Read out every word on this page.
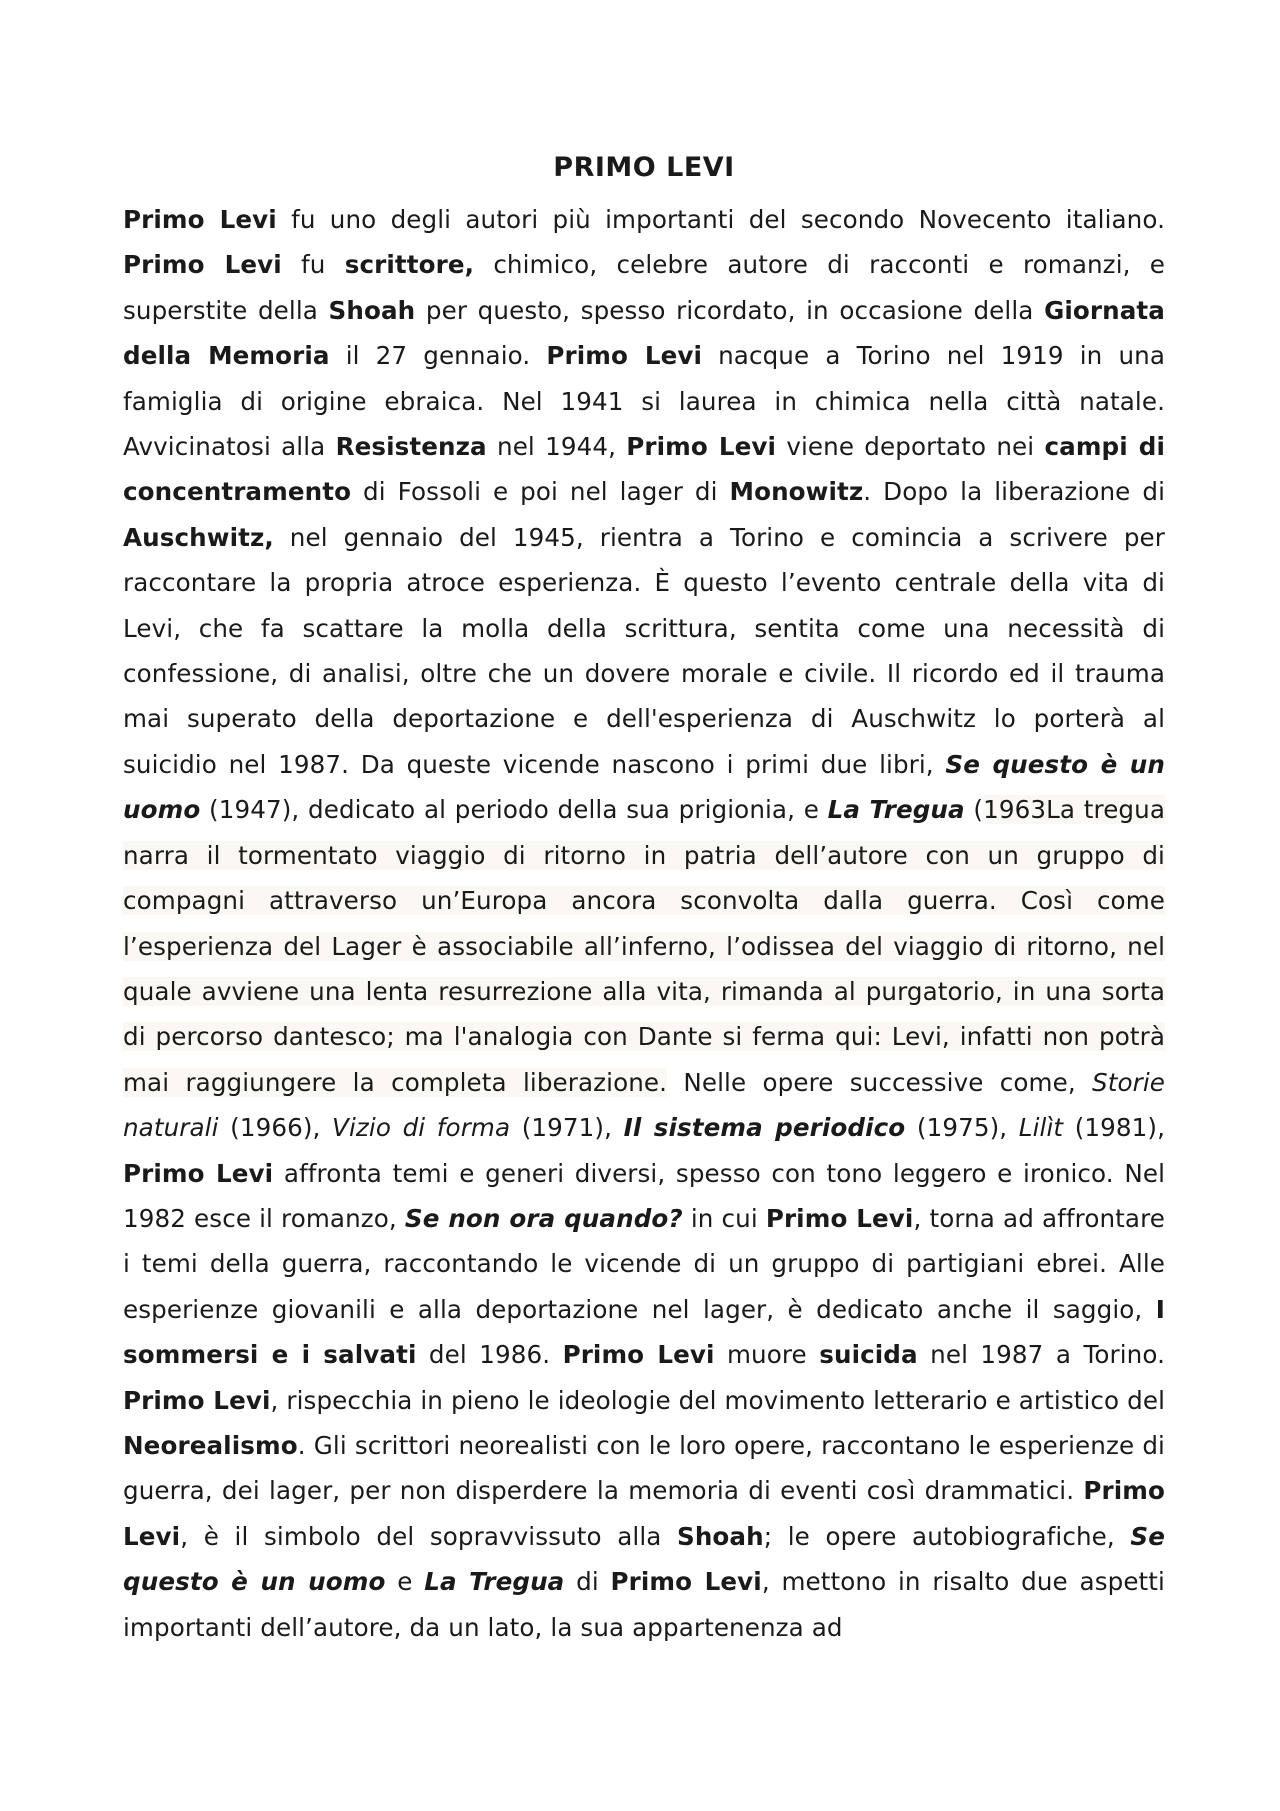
PRIMO LEVI

Primo Levi fu uno degli autori più importanti del secondo Novecento italiano. Primo Levi fu scrittore, chimico, celebre autore di racconti e romanzi, e superstite della Shoah per questo, spesso ricordato, in occasione della Giornata della Memoria il 27 gennaio. Primo Levi nacque a Torino nel 1919 in una famiglia di origine ebraica. Nel 1941 si laurea in chimica nella città natale. Avvicinatosi alla Resistenza nel 1944, Primo Levi viene deportato nei campi di concentramento di Fossoli e poi nel lager di Monowitz. Dopo la liberazione di Auschwitz, nel gennaio del 1945, rientra a Torino e comincia a scrivere per raccontare la propria atroce esperienza. È questo l’evento centrale della vita di Levi, che fa scattare la molla della scrittura, sentita come una necessità di confessione, di analisi, oltre che un dovere morale e civile. Il ricordo ed il trauma mai superato della deportazione e dell'esperienza di Auschwitz lo porterà al suicidio nel 1987. Da queste vicende nascono i primi due libri, Se questo è un uomo (1947), dedicato al periodo della sua prigionia, e La Tregua (1963La tregua narra il tormentato viaggio di ritorno in patria dell’autore con un gruppo di compagni attraverso un’Europa ancora sconvolta dalla guerra. Così come l’esperienza del Lager è associabile all’inferno, l’odissea del viaggio di ritorno, nel quale avviene una lenta resurrezione alla vita, rimanda al purgatorio, in una sorta di percorso dantesco; ma l'analogia con Dante si ferma qui: Levi, infatti non potrà mai raggiungere la completa liberazione. Nelle opere successive come, Storie naturali (1966), Vizio di forma (1971), Il sistema periodico (1975), Lilìt (1981), Primo Levi affronta temi e generi diversi, spesso con tono leggero e ironico. Nel 1982 esce il romanzo, Se non ora quando? in cui Primo Levi, torna ad affrontare i temi della guerra, raccontando le vicende di un gruppo di partigiani ebrei. Alle esperienze giovanili e alla deportazione nel lager, è dedicato anche il saggio, I sommersi e i salvati del 1986. Primo Levi muore suicida nel 1987 a Torino. Primo Levi, rispecchia in pieno le ideologie del movimento letterario e artistico del Neorealismo. Gli scrittori neorealisti con le loro opere, raccontano le esperienze di guerra, dei lager, per non disperdere la memoria di eventi così drammatici. Primo Levi, è il simbolo del sopravvissuto alla Shoah; le opere autobiografiche, Se questo è un uomo e La Tregua di Primo Levi, mettono in risalto due aspetti importanti dell’autore, da un lato, la sua appartenenza ad
